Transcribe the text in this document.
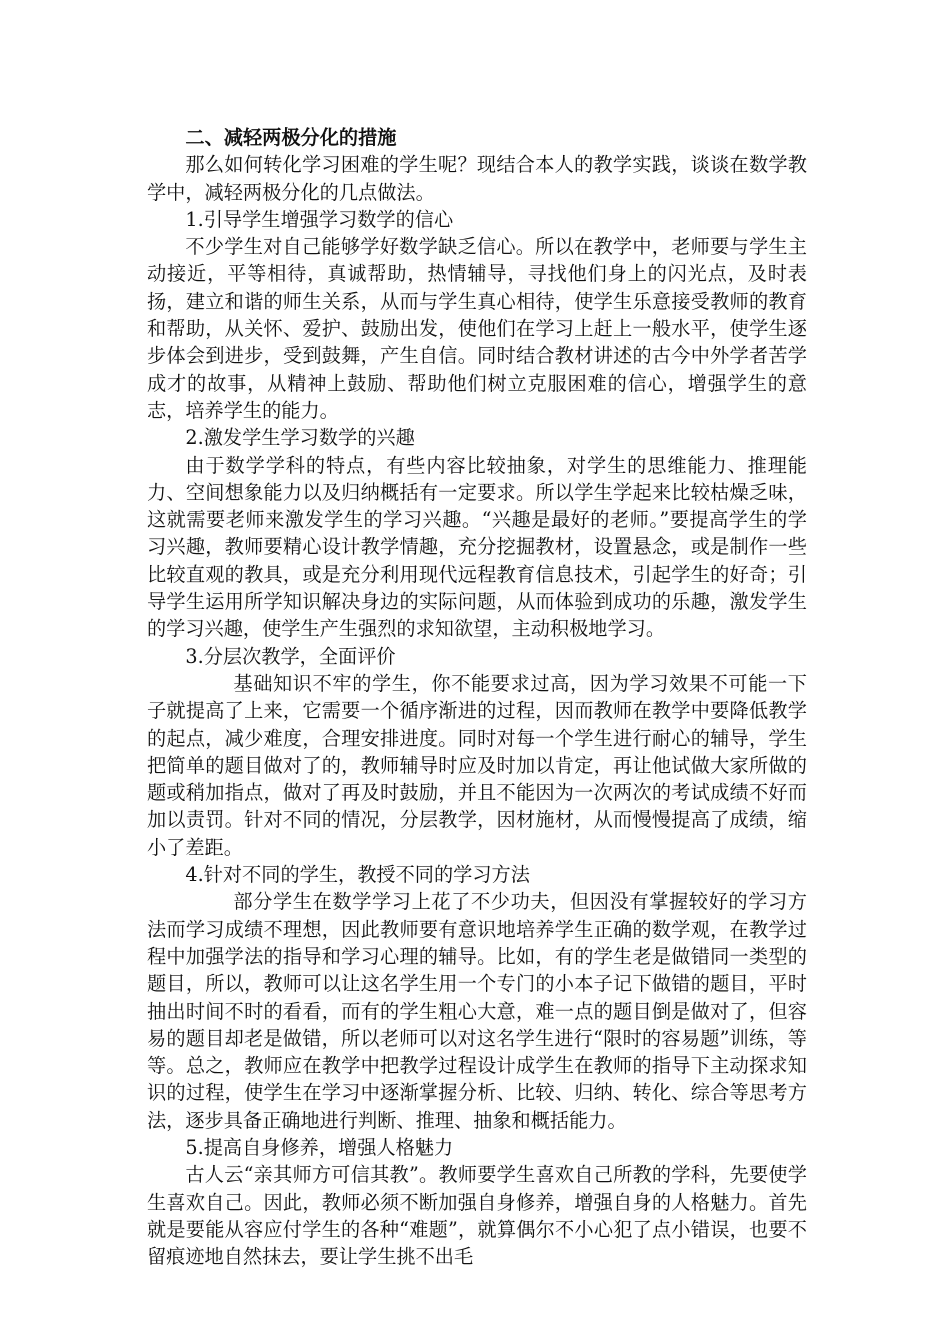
二、减轻两极分化的措施

那么如何转化学习困难的学生呢？现结合本人的教学实践，谈谈在数学教学中，减轻两极分化的几点做法。

1.引导学生增强学习数学的信心

不少学生对自己能够学好数学缺乏信心。所以在教学中，老师要与学生主动接近，平等相待，真诚帮助，热情辅导，寻找他们身上的闪光点，及时表扬，建立和谐的师生关系，从而与学生真心相待，使学生乐意接受教师的教育和帮助，从关怀、爱护、鼓励出发，使他们在学习上赶上一般水平，使学生逐步体会到进步，受到鼓舞，产生自信。同时结合教材讲述的古今中外学者苦学成才的故事，从精神上鼓励、帮助他们树立克服困难的信心，增强学生的意志，培养学生的能力。

2.激发学生学习数学的兴趣

由于数学学科的特点，有些内容比较抽象，对学生的思维能力、推理能力、空间想象能力以及归纳概括有一定要求。所以学生学起来比较枯燥乏味，这就需要老师来激发学生的学习兴趣。“兴趣是最好的老师。”要提高学生的学习兴趣，教师要精心设计教学情趣，充分挖掘教材，设置悬念，或是制作一些比较直观的教具，或是充分利用现代远程教育信息技术，引起学生的好奇；引导学生运用所学知识解决身边的实际问题，从而体验到成功的乐趣，激发学生的学习兴趣，使学生产生强烈的求知欲望，主动积极地学习。

3.分层次教学，全面评价

基础知识不牢的学生，你不能要求过高，因为学习效果不可能一下子就提高了上来，它需要一个循序渐进的过程，因而教师在教学中要降低教学的起点，减少难度，合理安排进度。同时对每一个学生进行耐心的辅导，学生把简单的题目做对了的，教师辅导时应及时加以肯定，再让他试做大家所做的题或稍加指点，做对了再及时鼓励，并且不能因为一次两次的考试成绩不好而加以责罚。针对不同的情况，分层教学，因材施材，从而慢慢提高了成绩，缩小了差距。

4.针对不同的学生，教授不同的学习方法

部分学生在数学学习上花了不少功夫，但因没有掌握较好的学习方法而学习成绩不理想，因此教师要有意识地培养学生正确的数学观，在教学过程中加强学法的指导和学习心理的辅导。比如，有的学生老是做错同一类型的题目，所以，教师可以让这名学生用一个专门的小本子记下做错的题目，平时抽出时间不时的看看，而有的学生粗心大意，难一点的题目倒是做对了，但容易的题目却老是做错，所以老师可以对这名学生进行“限时的容易题”训练，等等。总之，教师应在教学中把教学过程设计成学生在教师的指导下主动探求知识的过程，使学生在学习中逐渐掌握分析、比较、归纳、转化、综合等思考方法，逐步具备正确地进行判断、推理、抽象和概括能力。

5.提高自身修养，增强人格魅力

古人云“亲其师方可信其教”。教师要学生喜欢自己所教的学科，先要使学生喜欢自己。因此，教师必须不断加强自身修养，增强自身的人格魅力。首先就是要能从容应付学生的各种“难题”，就算偶尔不小心犯了点小错误，也要不留痕迹地自然抹去，要让学生挑不出毛
